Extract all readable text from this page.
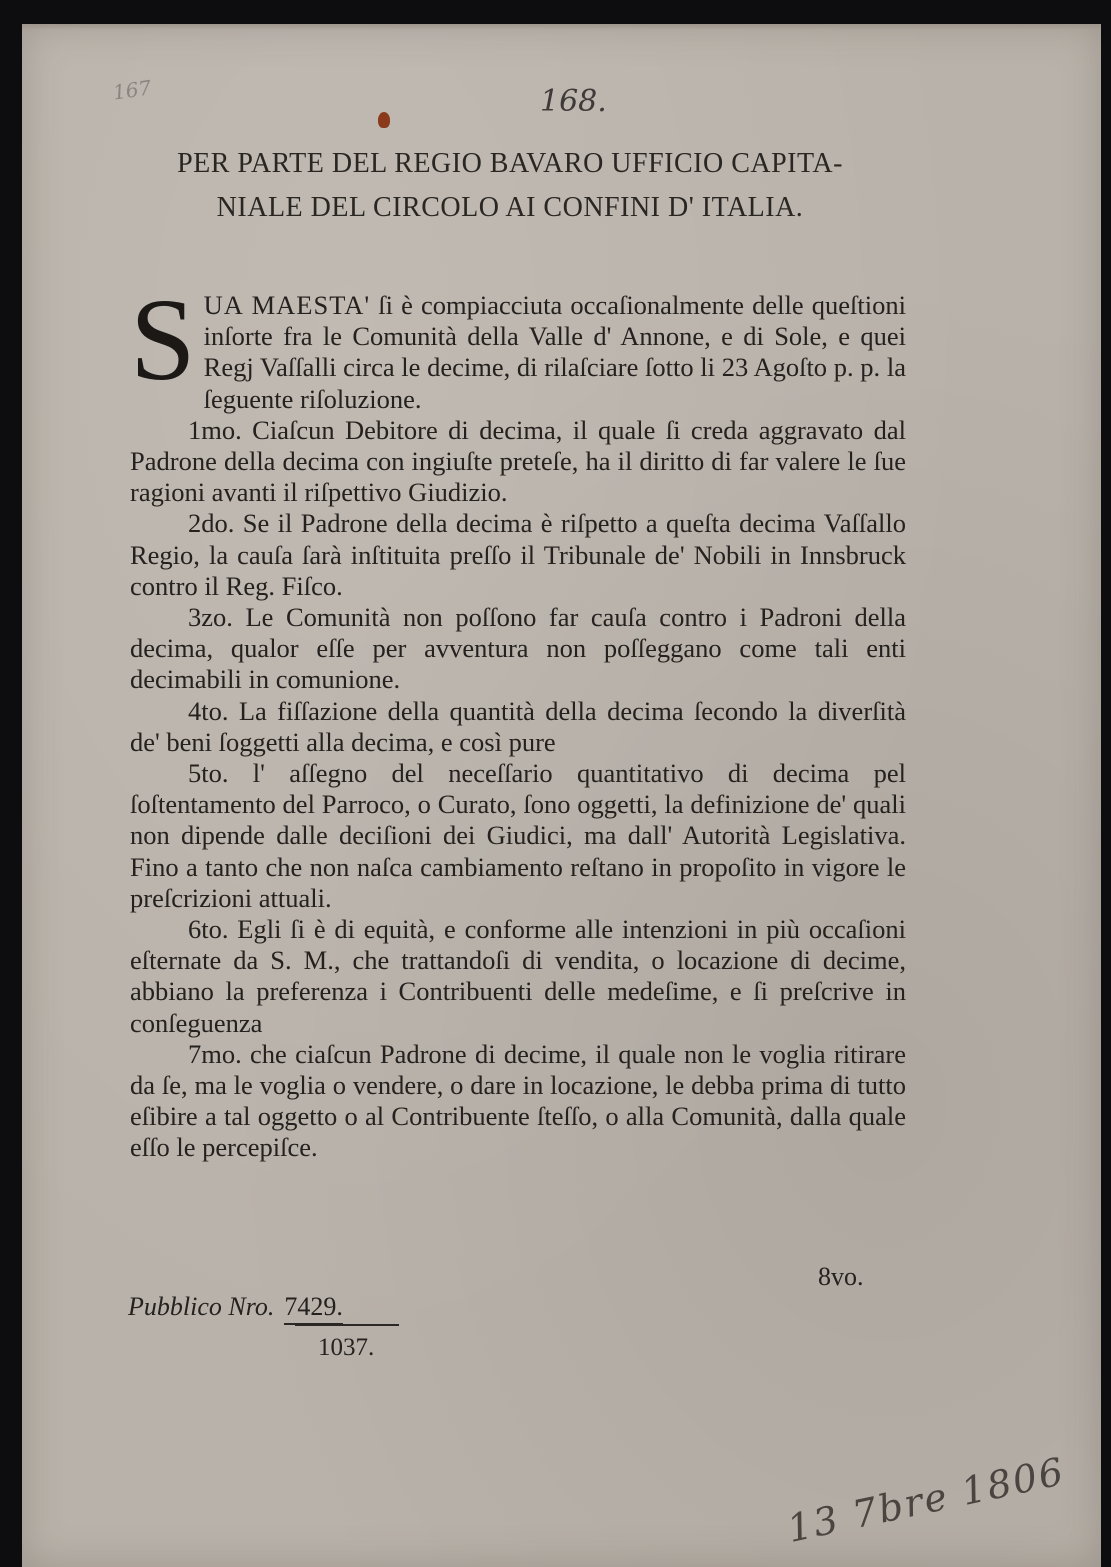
167	168.
PER PARTE DEL REGIO BAVARO UFFICIO CAPITA-
NIALE DEL CIRCOLO AI CONFINI D' ITALIA.

SUA MAESTA' ſi è compiacciuta occaſionalmente delle queſtioni inſorte fra le Comunità della Valle d' Annone, e di Sole, e quei Regj Vaſſalli circa le decime, di rilaſciare ſotto li 23 Agoſto p. p. la ſeguente riſoluzione.

1mo. Ciaſcun Debitore di decima, il quale ſi creda aggravato dal Padrone della decima con ingiuſte preteſe, ha il diritto di far valere le ſue ragioni avanti il riſpettivo Giudizio.

2do. Se il Padrone della decima è riſpetto a queſta decima Vaſſallo Regio, la cauſa ſarà inſtituita preſſo il Tribunale de' Nobili in Innsbruck contro il Reg. Fiſco.

3zo. Le Comunità non poſſono far cauſa contro i Padroni della decima, qualor eſſe per avventura non poſſeggano come tali enti decimabili in comunione.

4to. La fiſſazione della quantità della decima ſecondo la diverſità de' beni ſoggetti alla decima, e così pure

5to. l' aſſegno del neceſſario quantitativo di decima pel ſoſtentamento del Parroco, o Curato, ſono oggetti, la definizione de' quali non dipende dalle deciſioni dei Giudici, ma dall' Autorità Legislativa. Fino a tanto che non naſca cambiamento reſtano in propoſito in vigore le preſcrizioni attuali.

6to. Egli ſi è di equità, e conforme alle intenzioni in più occaſioni eſternate da S. M., che trattandoſi di vendita, o locazione di decime, abbiano la preferenza i Contribuenti delle medeſime, e ſi preſcrive in conſeguenza

7mo. che ciaſcun Padrone di decime, il quale non le voglia ritirare da ſe, ma le voglia o vendere, o dare in locazione, le debba prima di tutto eſibire a tal oggetto o al Contribuente ſteſſo, o alla Comunità, dalla quale eſſo le percepiſce.

8vo.
Pubblico Nro. 7429.
1037.
13 7bre 1806
